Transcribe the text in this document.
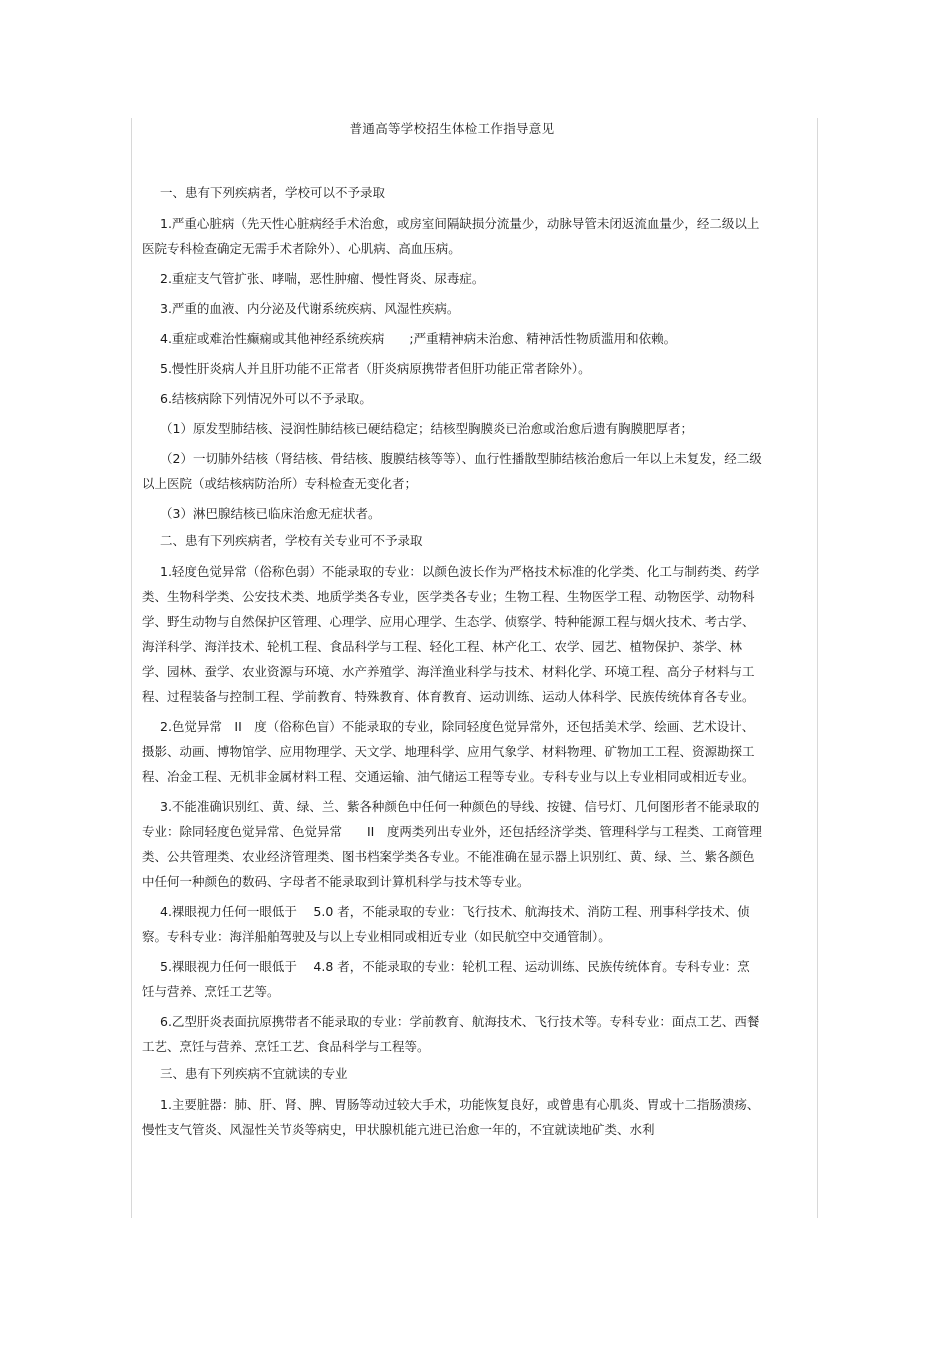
普通高等学校招生体检工作指导意见
一、患有下列疾病者，学校可以不予录取
1.严重心脏病（先天性心脏病经手术治愈，或房室间隔缺损分流量少，动脉导管未闭返流血量少，经二级以上医院专科检查确定无需手术者除外）、心肌病、高血压病。
2.重症支气管扩张、哮喘，恶性肿瘤、慢性肾炎、尿毒症。
3.严重的血液、内分泌及代谢系统疾病、风湿性疾病。
4.重症或难治性癫痫或其他神经系统疾病　　;严重精神病未治愈、精神活性物质滥用和依赖。
5.慢性肝炎病人并且肝功能不正常者（肝炎病原携带者但肝功能正常者除外）。
6.结核病除下列情况外可以不予录取。
（1）原发型肺结核、浸润性肺结核已硬结稳定；结核型胸膜炎已治愈或治愈后遗有胸膜肥厚者；
（2）一切肺外结核（肾结核、骨结核、腹膜结核等等）、血行性播散型肺结核治愈后一年以上未复发，经二级以上医院（或结核病防治所）专科检查无变化者；
（3）淋巴腺结核已临床治愈无症状者。
二、患有下列疾病者，学校有关专业可不予录取
1.轻度色觉异常（俗称色弱）不能录取的专业：以颜色波长作为严格技术标准的化学类、化工与制药类、药学类、生物科学类、公安技术类、地质学类各专业，医学类各专业；生物工程、生物医学工程、动物医学、动物科学、野生动物与自然保护区管理、心理学、应用心理学、生态学、侦察学、特种能源工程与烟火技术、考古学、海洋科学、海洋技术、轮机工程、食品科学与工程、轻化工程、林产化工、农学、园艺、植物保护、茶学、林学、园林、蚕学、农业资源与环境、水产养殖学、海洋渔业科学与技术、材料化学、环境工程、高分子材料与工程、过程装备与控制工程、学前教育、特殊教育、体育教育、运动训练、运动人体科学、民族传统体育各专业。
2.色觉异常　II　度（俗称色盲）不能录取的专业，除同轻度色觉异常外，还包括美术学、绘画、艺术设计、摄影、动画、博物馆学、应用物理学、天文学、地理科学、应用气象学、材料物理、矿物加工工程、资源勘探工程、冶金工程、无机非金属材料工程、交通运输、油气储运工程等专业。专科专业与以上专业相同或相近专业。
3.不能准确识别红、黄、绿、兰、紫各种颜色中任何一种颜色的导线、按键、信号灯、几何图形者不能录取的专业：除同轻度色觉异常、色觉异常　　II　度两类列出专业外，还包括经济学类、管理科学与工程类、工商管理类、公共管理类、农业经济管理类、图书档案学类各专业。不能准确在显示器上识别红、黄、绿、兰、紫各颜色中任何一种颜色的数码、字母者不能录取到计算机科学与技术等专业。
4.裸眼视力任何一眼低于　 5.0 者，不能录取的专业：飞行技术、航海技术、消防工程、刑事科学技术、侦察。专科专业：海洋船舶驾驶及与以上专业相同或相近专业（如民航空中交通管制）。
5.裸眼视力任何一眼低于　 4.8 者，不能录取的专业：轮机工程、运动训练、民族传统体育。专科专业：烹饪与营养、烹饪工艺等。
6.乙型肝炎表面抗原携带者不能录取的专业：学前教育、航海技术、飞行技术等。专科专业：面点工艺、西餐工艺、烹饪与营养、烹饪工艺、食品科学与工程等。
三、患有下列疾病不宜就读的专业
1.主要脏器：肺、肝、肾、脾、胃肠等动过较大手术，功能恢复良好，或曾患有心肌炎、胃或十二指肠溃疡、慢性支气管炎、风湿性关节炎等病史，甲状腺机能亢进已治愈一年的，不宜就读地矿类、水利
